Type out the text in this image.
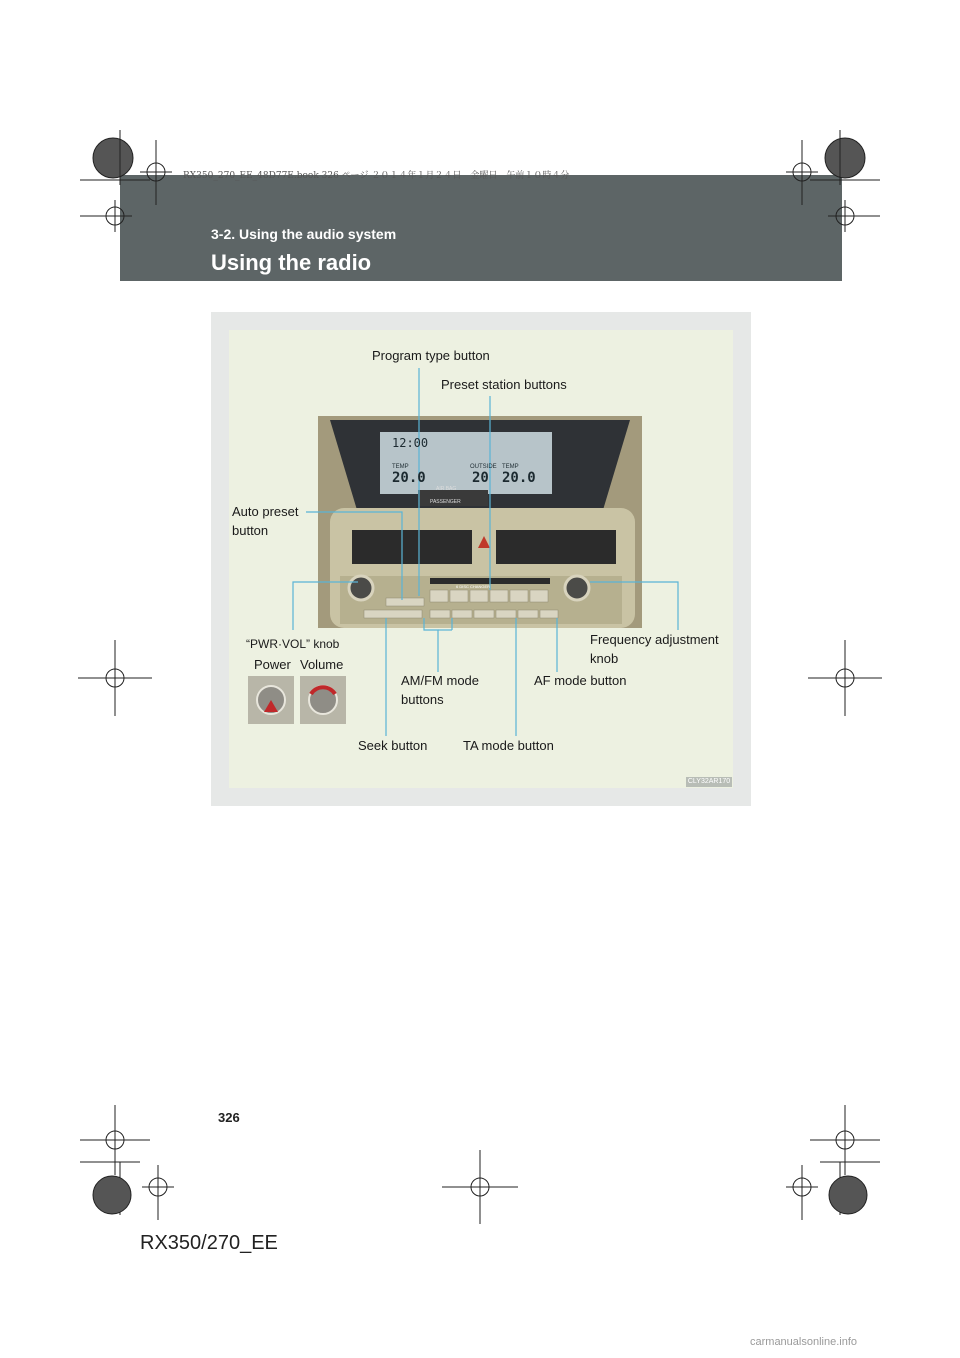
RX350_270_EE_48D77E.book 326 ページ ２０１４年１月２４日　金曜日　午前１０時４分
3-2. Using the audio system
Using the radio
12:00
TEMP
20.0
OUTSIDE
20
TEMP
20.0
AIR BAG
PASSENGER
6 DISC CHANGER
Program type button
Preset station buttons
Auto preset
button
“PWR·VOL” knob
Power Volume
Frequency adjustment
knob
AM/FM mode
buttons
AF mode button
Seek button	TA mode button
CLY32AR170
326
RX350/270_EE
carmanualsonline.info
